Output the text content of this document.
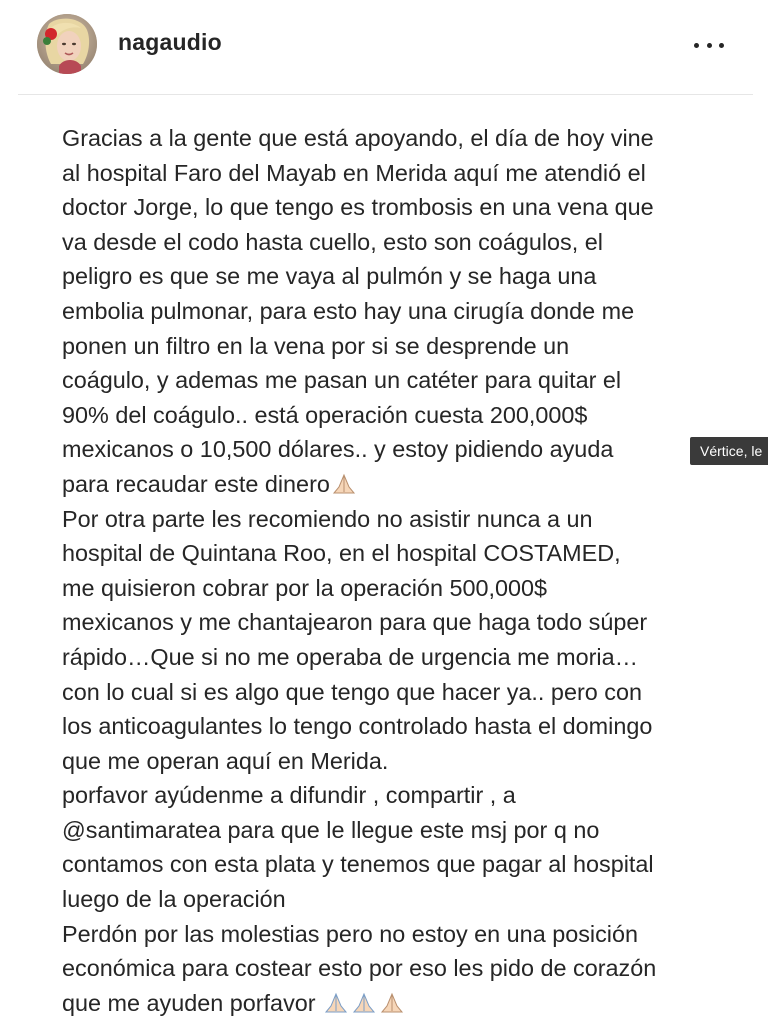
nagaudio

Gracias a la gente que está apoyando, el día de hoy vine
al hospital Faro del Mayab en Merida aquí me atendió el
doctor Jorge, lo que tengo es trombosis en una vena que
va desde el codo hasta cuello, esto son coágulos, el
peligro es que se me vaya al pulmón y se haga una
embolia pulmonar, para esto hay una cirugía donde me
ponen un filtro en la vena por si se desprende un
coágulo, y ademas me pasan un catéter para quitar el
90% del coágulo.. está operación cuesta 200,000$
mexicanos o 10,500 dólares.. y estoy pidiendo ayuda
para recaudar este dinero

Por otra parte les recomiendo no asistir nunca a un
hospital de Quintana Roo, en el hospital COSTAMED,
me quisieron cobrar por la operación 500,000$
mexicanos y me chantajearon para que haga todo súper
rápido…Que si no me operaba de urgencia me moria…
con lo cual si es algo que tengo que hacer ya.. pero con
los anticoagulantes lo tengo controlado hasta el domingo
que me operan aquí en Merida.

porfavor ayúdenme a difundir , compartir , a
@santimaratea para que le llegue este msj por q no
contamos con esta plata y tenemos que pagar al hospital
luego de la operación

Perdón por las molestias pero no estoy en una posición
económica para costear esto por eso les pido de corazón
que me ayuden porfavor

Vértice, le
